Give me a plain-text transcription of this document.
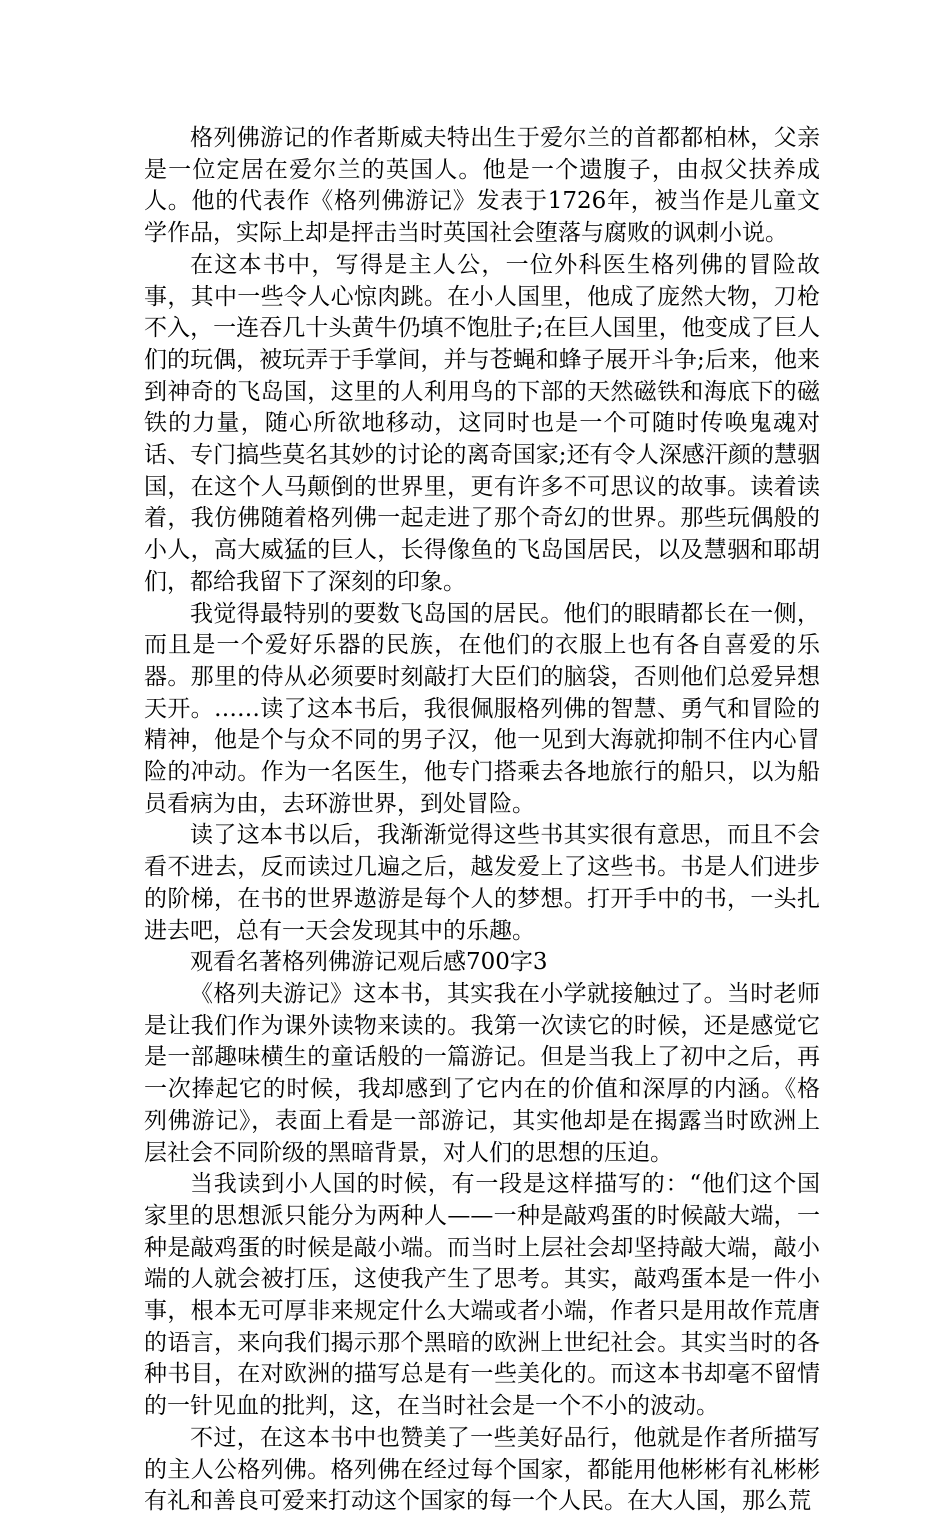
格列佛游记的作者斯威夫特出生于爱尔兰的首都都柏林，父亲是一位定居在爱尔兰的英国人。他是一个遗腹子，由叔父扶养成人。他的代表作《格列佛游记》发表于1726年，被当作是儿童文学作品，实际上却是抨击当时英国社会堕落与腐败的讽刺小说。

在这本书中，写得是主人公，一位外科医生格列佛的冒险故事，其中一些令人心惊肉跳。在小人国里，他成了庞然大物，刀枪不入，一连吞几十头黄牛仍填不饱肚子;在巨人国里，他变成了巨人们的玩偶，被玩弄于手掌间，并与苍蝇和蜂子展开斗争;后来，他来到神奇的飞岛国，这里的人利用鸟的下部的天然磁铁和海底下的磁铁的力量，随心所欲地移动，这同时也是一个可随时传唤鬼魂对话、专门搞些莫名其妙的讨论的离奇国家;还有令人深感汗颜的慧骃国，在这个人马颠倒的世界里，更有许多不可思议的故事。读着读着，我仿佛随着格列佛一起走进了那个奇幻的世界。那些玩偶般的小人，高大威猛的巨人，长得像鱼的飞岛国居民，以及慧骃和耶胡们，都给我留下了深刻的印象。

我觉得最特别的要数飞岛国的居民。他们的眼睛都长在一侧，而且是一个爱好乐器的民族，在他们的衣服上也有各自喜爱的乐器。那里的侍从必须要时刻敲打大臣们的脑袋，否则他们总爱异想天开。……读了这本书后，我很佩服格列佛的智慧、勇气和冒险的精神，他是个与众不同的男子汉，他一见到大海就抑制不住内心冒险的冲动。作为一名医生，他专门搭乘去各地旅行的船只，以为船员看病为由，去环游世界，到处冒险。

读了这本书以后，我渐渐觉得这些书其实很有意思，而且不会看不进去，反而读过几遍之后，越发爱上了这些书。书是人们进步的阶梯，在书的世界遨游是每个人的梦想。打开手中的书，一头扎进去吧，总有一天会发现其中的乐趣。

观看名著格列佛游记观后感700字3

《格列夫游记》这本书，其实我在小学就接触过了。当时老师是让我们作为课外读物来读的。我第一次读它的时候，还是感觉它是一部趣味横生的童话般的一篇游记。但是当我上了初中之后，再一次捧起它的时候，我却感到了它内在的价值和深厚的内涵。《格列佛游记》，表面上看是一部游记，其实他却是在揭露当时欧洲上层社会不同阶级的黑暗背景，对人们的思想的压迫。

当我读到小人国的时候，有一段是这样描写的：“他们这个国家里的思想派只能分为两种人——一种是敲鸡蛋的时候敲大端，一种是敲鸡蛋的时候是敲小端。而当时上层社会却坚持敲大端，敲小端的人就会被打压，这使我产生了思考。其实，敲鸡蛋本是一件小事，根本无可厚非来规定什么大端或者小端，作者只是用故作荒唐的语言，来向我们揭示那个黑暗的欧洲上世纪社会。其实当时的各种书目，在对欧洲的描写总是有一些美化的。而这本书却毫不留情的一针见血的批判，这，在当时社会是一个不小的波动。

不过，在这本书中也赞美了一些美好品行，他就是作者所描写的主人公格列佛。格列佛在经过每个国家，都能用他彬彬有礼彬彬有礼和善良可爱来打动这个国家的每一个人民。在大人国，那么荒
